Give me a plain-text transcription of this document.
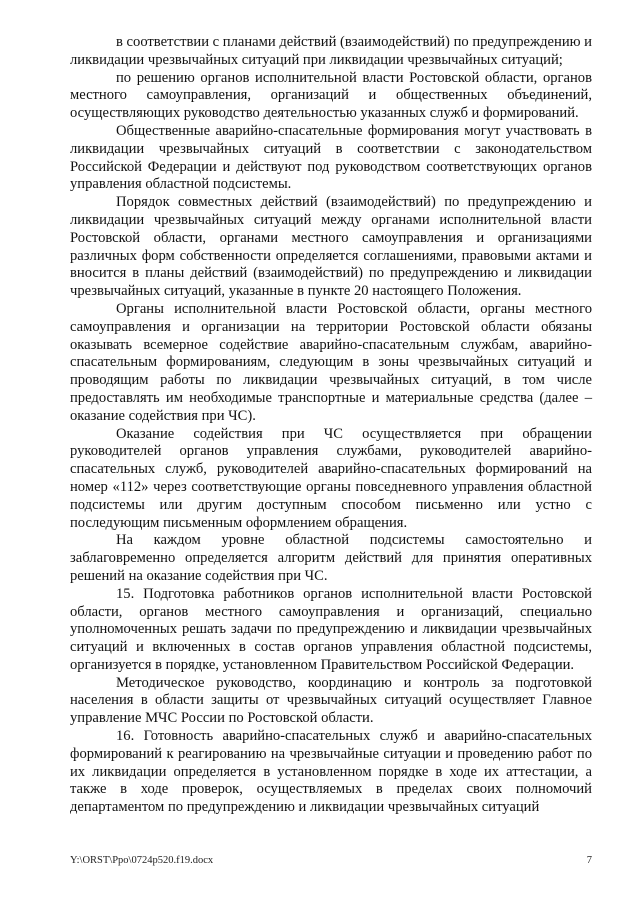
в соответствии с планами действий (взаимодействий) по предупреждению и ликвидации чрезвычайных ситуаций при ликвидации чрезвычайных ситуаций;

по решению органов исполнительной власти Ростовской области, органов местного самоуправления, организаций и общественных объединений, осуществляющих руководство деятельностью указанных служб и формирований.

Общественные аварийно-спасательные формирования могут участвовать в ликвидации чрезвычайных ситуаций в соответствии с законодательством Российской Федерации и действуют под руководством соответствующих органов управления областной подсистемы.

Порядок совместных действий (взаимодействий) по предупреждению и ликвидации чрезвычайных ситуаций между органами исполнительной власти Ростовской области, органами местного самоуправления и организациями различных форм собственности определяется соглашениями, правовыми актами и вносится в планы действий (взаимодействий) по предупреждению и ликвидации чрезвычайных ситуаций, указанные в пункте 20 настоящего Положения.

Органы исполнительной власти Ростовской области, органы местного самоуправления и организации на территории Ростовской области обязаны оказывать всемерное содействие аварийно-спасательным службам, аварийно-спасательным формированиям, следующим в зоны чрезвычайных ситуаций и проводящим работы по ликвидации чрезвычайных ситуаций, в том числе предоставлять им необходимые транспортные и материальные средства (далее – оказание содействия при ЧС).

Оказание содействия при ЧС осуществляется при обращении руководителей органов управления службами, руководителей аварийно-спасательных служб, руководителей аварийно-спасательных формирований на номер «112» через соответствующие органы повседневного управления областной подсистемы или другим доступным способом письменно или устно с последующим письменным оформлением обращения.

На каждом уровне областной подсистемы самостоятельно и заблаговременно определяется алгоритм действий для принятия оперативных решений на оказание содействия при ЧС.

15. Подготовка работников органов исполнительной власти Ростовской области, органов местного самоуправления и организаций, специально уполномоченных решать задачи по предупреждению и ликвидации чрезвычайных ситуаций и включенных в состав органов управления областной подсистемы, организуется в порядке, установленном Правительством Российской Федерации.

Методическое руководство, координацию и контроль за подготовкой населения в области защиты от чрезвычайных ситуаций осуществляет Главное управление МЧС России по Ростовской области.

16. Готовность аварийно-спасательных служб и аварийно-спасательных формирований к реагированию на чрезвычайные ситуации и проведению работ по их ликвидации определяется в установленном порядке в ходе их аттестации, а также в ходе проверок, осуществляемых в пределах своих полномочий департаментом по предупреждению и ликвидации чрезвычайных ситуаций

Y:\ORST\Ppo\0724p520.f19.docx	7
